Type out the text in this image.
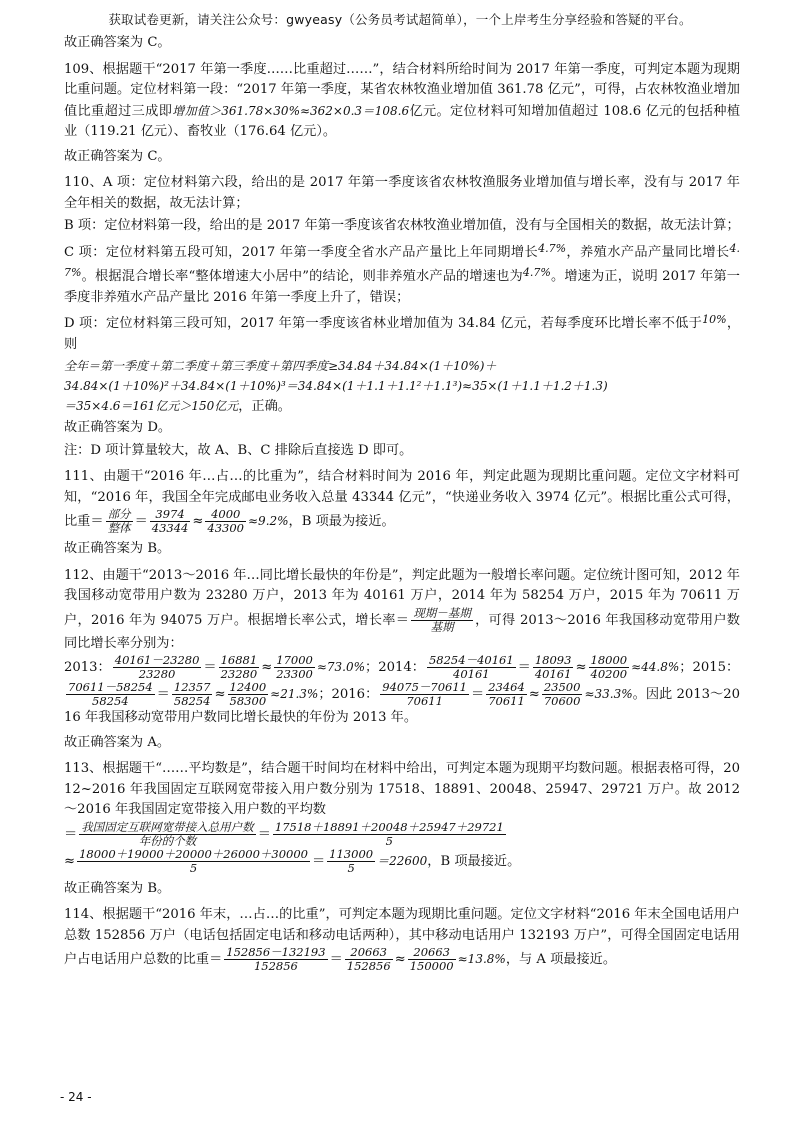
获取试卷更新，请关注公众号：gwyeasy（公务员考试超简单），一个上岸考生分享经验和答疑的平台。

故正确答案为 C。

109、根据题干“2017 年第一季度……比重超过……”，结合材料所给时间为 2017 年第一季度，可判定本题为现期比重问题。定位材料第一段：“2017 年第一季度，某省农林牧渔业增加值 361.78 亿元”，可得，占农林牧渔业增加值比重超过三成即增加值＞361.78×30%≈362×0.3＝108.6亿元。定位材料可知增加值超过 108.6 亿元的包括种植业（119.21 亿元）、畜牧业（176.64 亿元）。

故正确答案为 C。

110、A 项：定位材料第六段，给出的是 2017 年第一季度该省农林牧渔服务业增加值与增长率，没有与 2017 年全年相关的数据，故无法计算；

B 项：定位材料第一段，给出的是 2017 年第一季度该省农林牧渔业增加值，没有与全国相关的数据，故无法计算；

C 项：定位材料第五段可知，2017 年第一季度全省水产品产量比上年同期增长$^{4.7\%}$，养殖水产品产量同比增长$^{4.7\%}$。根据混合增长率“整体增速大小居中”的结论，则非养殖水产品的增速也为$^{4.7\%}$。增速为正，说明 2017 年第一季度非养殖水产品产量比 2016 年第一季度上升了，错误；

D 项：定位材料第三段可知，2017 年第一季度该省林业增加值为 34.84 亿元，若每季度环比增长率不低于$^{10\%}$，则

全年＝第一季度＋第二季度＋第三季度＋第四季度≥34.84＋34.84×(1＋10%)＋
34.84×(1＋10%)²＋34.84×(1＋10%)³＝34.84×(1＋1.1＋1.1²＋1.1³)≈35×(1＋1.1＋1.2＋1.3)
＝35×4.6＝161亿元＞150亿元，正确。

故正确答案为 D。

注：D 项计算量较大，故 A、B、C 排除后直接选 D 即可。

111、由题干“2016 年…占…的比重为”，结合材料时间为 2016 年，判定此题为现期比重问题。定位文字材料可知，“2016 年，我国全年完成邮电业务收入总量 43344 亿元”，“快递业务收入 3974 亿元”。根据比重公式可得，比重＝ $\frac{\text{部分}}{\text{整体}} = \frac{3974}{43344} \approx \frac{4000}{43300} \approx 9.2\%$，B 项最为接近。

故正确答案为 B。

112、由题干“2013～2016 年…同比增长最快的年份是”，判定此题为一般增长率问题。定位统计图可知，2012 年我国移动宽带用户数为 23280 万户，2013 年为 40161 万户，2014 年为 58254 万户，2015 年为 70611 万户，2016 年为 94075 万户。根据增长率公式，增长率＝ $\frac{\text{现期－基期}}{\text{基期}}$ ，可得 2013～2016 年我国移动宽带用户数同比增长率分别为：
2013： $\frac{40161-23280}{23280} = \frac{16881}{23280} \approx \frac{17000}{23300} \approx 73.0\%$；2014： $\frac{58254-40161}{40161} = \frac{18093}{40161} \approx \frac{18000}{40200} \approx 44.8\%$；2015：

$\frac{70611-58254}{58254} = \frac{12357}{58254} \approx \frac{12400}{58300} \approx 21.3\%$；2016： $\frac{94075-70611}{70611} = \frac{23464}{70611} \approx \frac{23500}{70600} \approx 33.3\%$。因此 2013～2016 年我国移动宽带用户数同比增长最快的年份为 2013 年。

故正确答案为 A。

113、根据题干“……平均数是”，结合题干时间均在材料中给出，可判定本题为现期平均数问题。根据表格可得，2012~2016 年我国固定互联网宽带接入用户数分别为 17518、18891、20048、25947、29721 万户。故 2012～2016 年我国固定宽带接入用户数的平均数
＝ $\frac{\text{我国固定互联网宽带接入总用户数}}{\text{年份的个数}} = \frac{17518+18891+20048+25947+29721}{5}$

≈ $\frac{18000+19000+20000+26000+30000}{5} = \frac{113000}{5} =22600$，B 项最接近。

故正确答案为 B。

114、根据题干“2016 年末，…占…的比重”，可判定本题为现期比重问题。定位文字材料“2016 年末全国电话用户总数 152856 万户（电话包括固定电话和移动电话两种），其中移动电话用户 132193 万户”，可得全国固定电话用户占电话用户总数的比重＝ $\frac{152856-132193}{152856} = \frac{20663}{152856} \approx \frac{20663}{150000} \approx 13.8\%$，与 A 项最接近。

- 24 -
